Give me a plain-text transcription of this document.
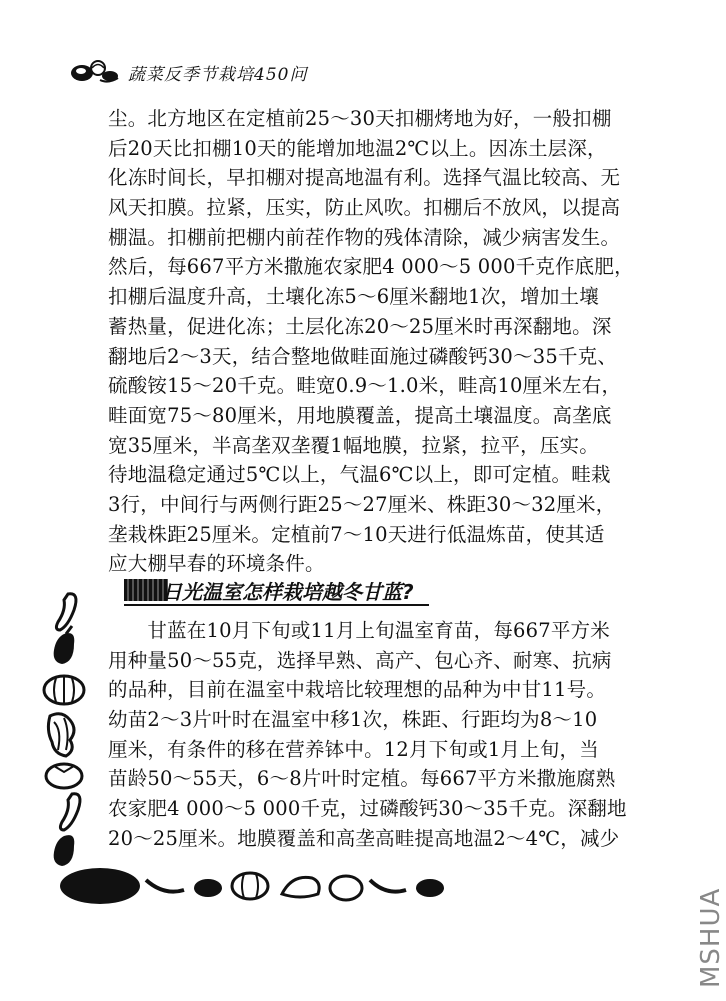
蔬菜反季节栽培450问
尘。北方地区在定植前25～30天扣棚烤地为好，一般扣棚
后20天比扣棚10天的能增加地温2℃以上。因冻土层深，
化冻时间长，早扣棚对提高地温有利。选择气温比较高、无
风天扣膜。拉紧，压实，防止风吹。扣棚后不放风，以提高
棚温。扣棚前把棚内前茬作物的残体清除，减少病害发生。
然后，每667平方米撒施农家肥4 000～5 000千克作底肥，
扣棚后温度升高，土壤化冻5～6厘米翻地1次，增加土壤
蓄热量，促进化冻；土层化冻20～25厘米时再深翻地。深
翻地后2～3天，结合整地做畦面施过磷酸钙30～35千克、
硫酸铵15～20千克。畦宽0.9～1.0米，畦高10厘米左右，
畦面宽75～80厘米，用地膜覆盖，提高土壤温度。高垄底
宽35厘米，半高垄双垄覆1幅地膜，拉紧，拉平，压实。
待地温稳定通过5℃以上，气温6℃以上，即可定植。畦栽
3行，中间行与两侧行距25～27厘米、株距30～32厘米，
垄栽株距25厘米。定植前7～10天进行低温炼苗，使其适
应大棚早春的环境条件。
日光温室怎样栽培越冬甘蓝?
　　甘蓝在10月下旬或11月上旬温室育苗，每667平方米
用种量50～55克，选择早熟、高产、包心齐、耐寒、抗病
的品种，目前在温室中栽培比较理想的品种为中甘11号。
幼苗2～3片叶时在温室中移1次，株距、行距均为8～10
厘米，有条件的移在营养钵中。12月下旬或1月上旬，当
苗龄50～55天，6～8片叶时定植。每667平方米撒施腐熟
农家肥4 000～5 000千克，过磷酸钙30～35千克。深翻地
20～25厘米。地膜覆盖和高垄高畦提高地温2～4℃，减少
MSHUA
